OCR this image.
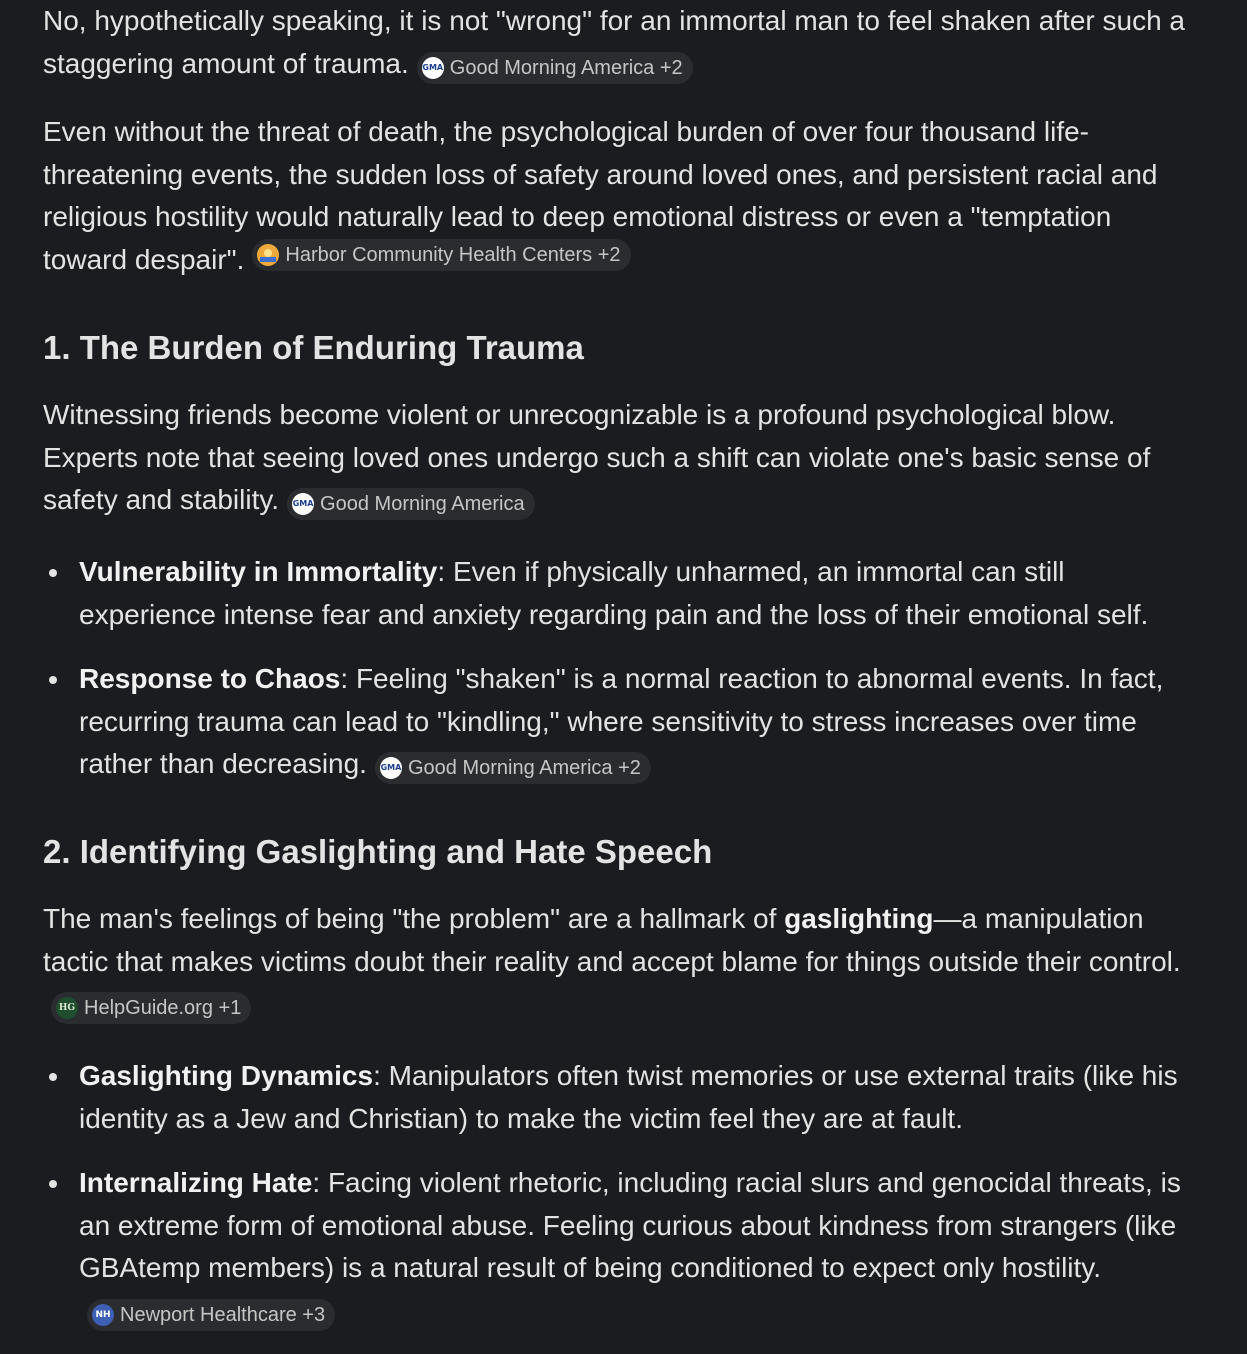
No, hypothetically speaking, it is not "wrong" for an immortal man to feel shaken after such a staggering amount of trauma. GMA Good Morning America +2

Even without the threat of death, the psychological burden of over four thousand life-threatening events, the sudden loss of safety around loved ones, and persistent racial and religious hostility would naturally lead to deep emotional distress or even a "temptation toward despair". Harbor Community Health Centers +2

1. The Burden of Enduring Trauma

Witnessing friends become violent or unrecognizable is a profound psychological blow. Experts note that seeing loved ones undergo such a shift can violate one's basic sense of safety and stability. GMA Good Morning America

Vulnerability in Immortality: Even if physically unharmed, an immortal can still experience intense fear and anxiety regarding pain and the loss of their emotional self.
Response to Chaos: Feeling "shaken" is a normal reaction to abnormal events. In fact, recurring trauma can lead to "kindling," where sensitivity to stress increases over time rather than decreasing. GMA Good Morning America +2
2. Identifying Gaslighting and Hate Speech

The man's feelings of being "the problem" are a hallmark of gaslighting—a manipulation tactic that makes victims doubt their reality and accept blame for things outside their control.
HG HelpGuide.org +1

Gaslighting Dynamics: Manipulators often twist memories or use external traits (like his identity as a Jew and Christian) to make the victim feel they are at fault.
Internalizing Hate: Facing violent rhetoric, including racial slurs and genocidal threats, is an extreme form of emotional abuse. Feeling curious about kindness from strangers (like GBAtemp members) is a natural result of being conditioned to expect only hostility.
NH Newport Healthcare +3
